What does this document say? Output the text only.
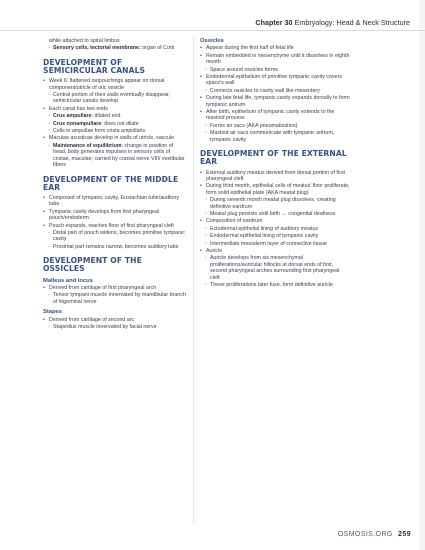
Chapter 30 Embryology: Head & Neck Structure
while attached to spiral limbus
◦ Sensory cells, tectorial membrane: organ of Corti
DEVELOPMENT OF SEMICIRCULAR CANALS
• Week 6: flattened outpouchings appear on dorsal component/utricle of otic vesicle
◦ Central portion of their walls eventually disappear, semicircular canals develop
• Each canal has two ends
◦ Crus ampullare: dilated end
◦ Crus nonampullare: does not dilate
◦ Cells in ampullae form crista ampullaris
• Maculae acusticae develop in walls of utricle, saccule
◦ Maintenance of equilibrium: change in position of head, body generates impulses in sensory cells of cristae, maculae; carried by cranial nerve VIII/ vestibular fibers
DEVELOPMENT OF THE MIDDLE EAR
• Composed of tympanic cavity, Eustachian tube/auditory tube
• Tympanic cavity develops from first pharyngeal pouch/endoderm
• Pouch expands, reaches floor of first pharyngeal cleft
◦ Distal part of pouch widens, becomes primitive tympanic cavity
◦ Proximal part remains narrow, becomes auditory tube
DEVELOPMENT OF THE OSSICLES
Malleus and incus
• Derived from cartilage of first pharyngeal arch
◦ Tensor tympani muscle innervated by mandibular branch of trigeminal nerve
Stapes
• Derived from cartilage of second arc
◦ Stapedius muscle innervated by facial nerve
Ossicles
• Appear during the first half of fetal life
• Remain embedded in mesenchyme until it dissolves in eighth month
◦ Space around ossicles forms
• Endodermal epithelium of primitive tympanic cavity covers space's wall
◦ Connects ossicles to cavity wall like mesentery
• During late fetal life, tympanic cavity expands dorsally to form tympanic antrum
• After birth, epithelium of tympanic cavity extends to the mastoid process
◦ Forms air sacs (AKA pneumatization)
◦ Mastoid air sacs communicate with tympanic antrum, tympanic cavity
DEVELOPMENT OF THE EXTERNAL EAR
• External auditory meatus derived from dorsal portion of first pharyngeal cleft
• During third month, epithelial cells of meatus' floor proliferate, form solid epithelial plate (AKA meatal plug)
◦ During seventh month meatal plug dissolves, creating definitive eardrum
◦ Meatal plug persists until birth → congenital deafness
• Composition of eardrum
◦ Ectodermal epithelial lining of auditory meatus
◦ Endodermal epithelial lining of tympanic cavity
◦ Intermediate mesoderm layer of connective tissue
• Auricle
◦ Auricle develops from six mesenchymal proliferations/auricular hillocks at dorsal ends of first, second pharyngeal arches surrounding first pharyngeal cleft
◦ These proliferations later fuse, form definitive auricle
OSMOSIS.ORG 259
